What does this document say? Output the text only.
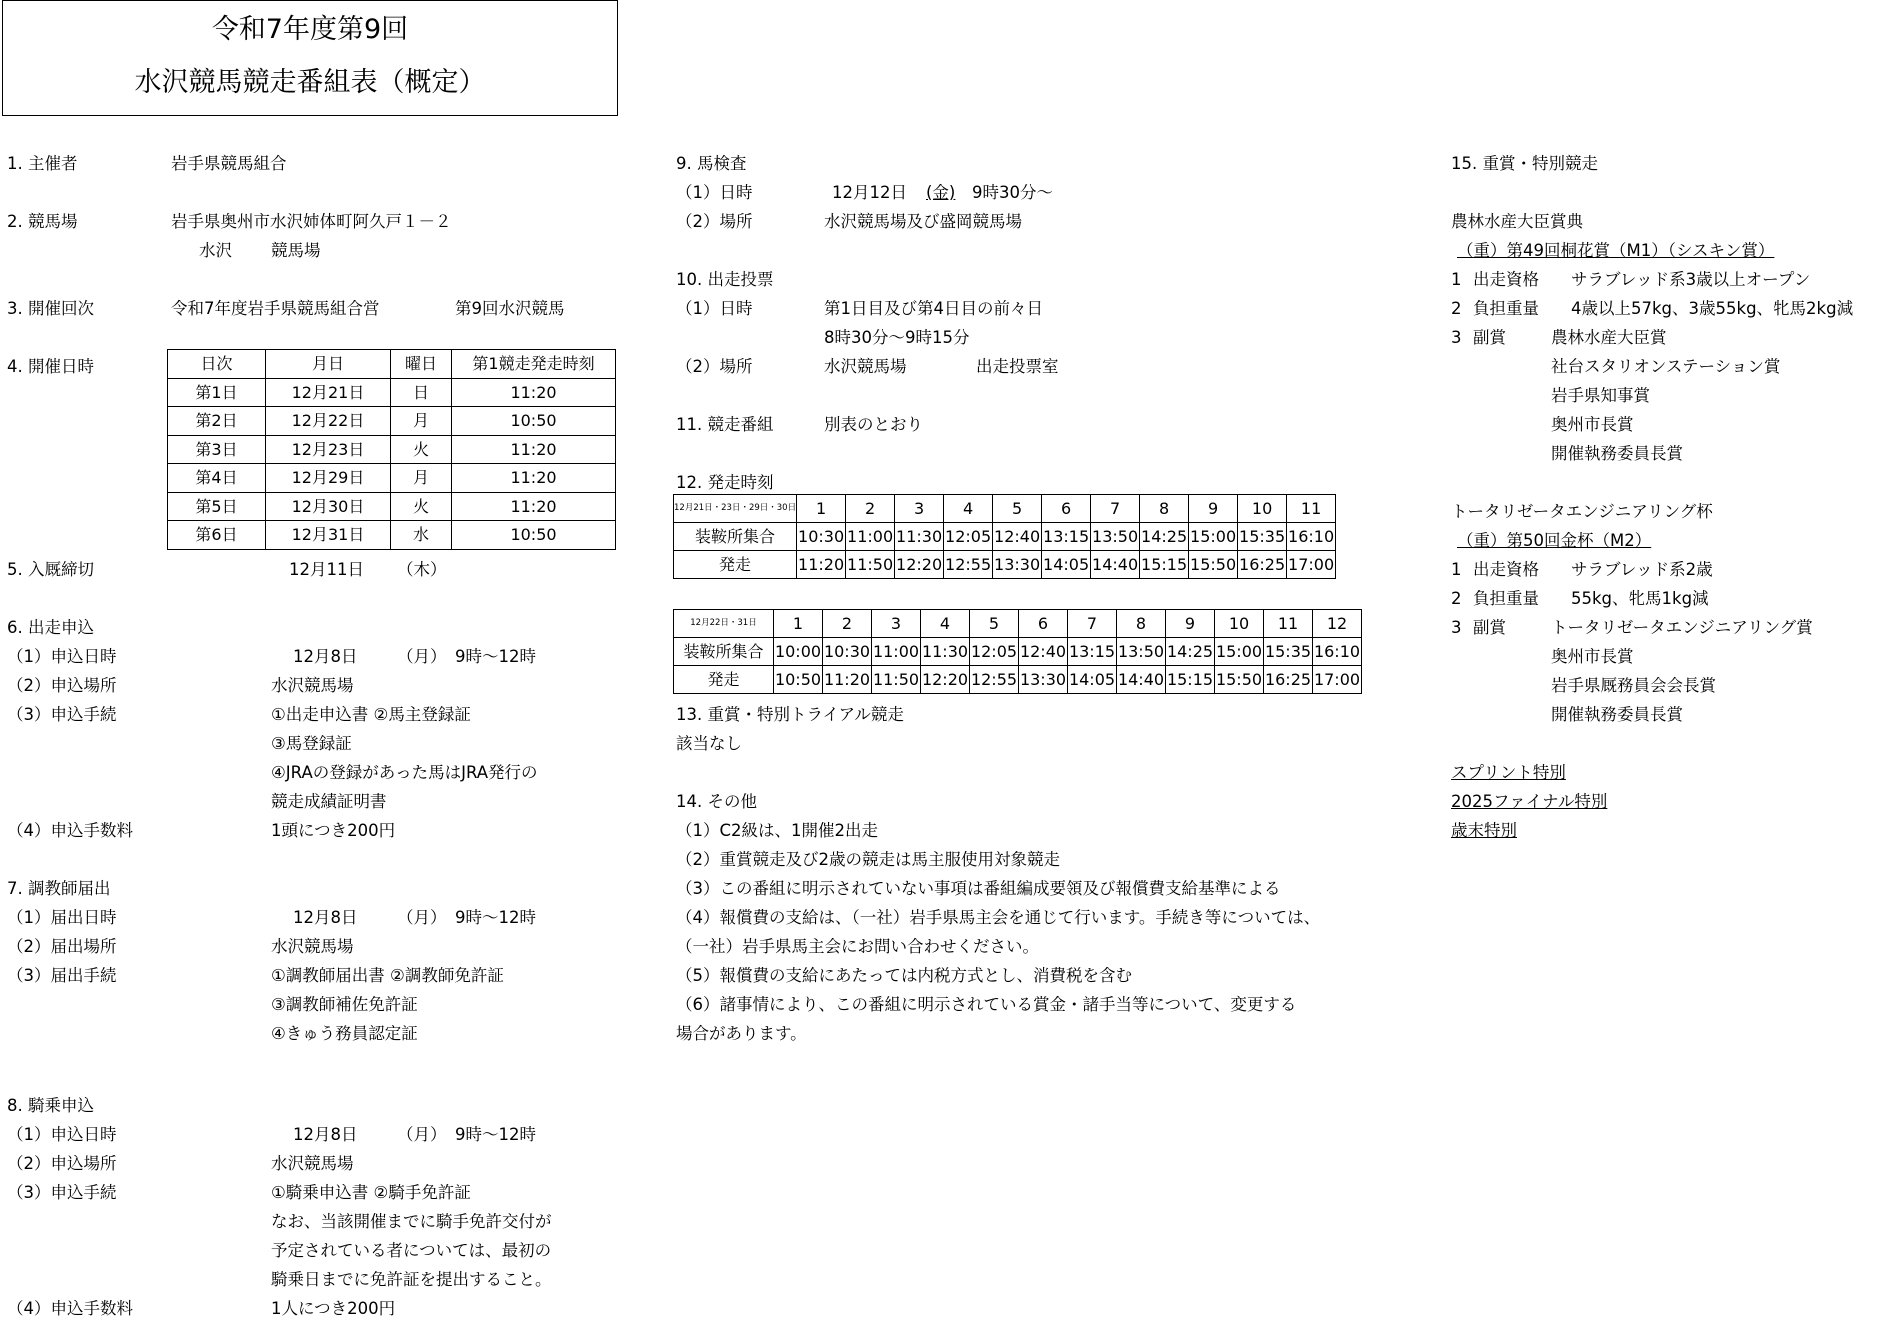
令和7年度第9回
水沢競馬競走番組表（概定）
1. 主催者	岩手県競馬組合
2. 競馬場	岩手県奥州市水沢姉体町阿久戸１－２
水沢 競馬場
3. 開催回次	令和7年度岩手県競馬組合営	第9回水沢競馬
4. 開催日時	日次	月日	曜日	第1競走発走時刻
第1日	12月21日	日	11:20
第2日	12月22日	月	10:50
第3日	12月23日	火	11:20
第4日	12月29日	月	11:20
第5日	12月30日	火	11:20
第6日	12月31日	水	10:50
5. 入厩締切	12月11日 （木）
6. 出走申込
（1）申込日時	12月8日 （月） 9時～12時
（2）申込場所	水沢競馬場
（3）申込手続	①出走申込書 ②馬主登録証
③馬登録証
④JRAの登録があった馬はJRA発行の
競走成績証明書
（4）申込手数料	1頭につき200円
7. 調教師届出
（1）届出日時	12月8日 （月） 9時～12時
（2）届出場所	水沢競馬場
（3）届出手続	①調教師届出書 ②調教師免許証
③調教師補佐免許証
④きゅう務員認定証
8. 騎乗申込
（1）申込日時	12月8日 （月） 9時～12時
（2）申込場所	水沢競馬場
（3）申込手続	①騎乗申込書 ②騎手免許証
なお、当該開催までに騎手免許交付が
予定されている者については、最初の
騎乗日までに免許証を提出すること。
（4）申込手数料	1人につき200円
9. 馬検査
（1）日時	12月12日 (金) 9時30分～
（2）場所	水沢競馬場及び盛岡競馬場
10. 出走投票
（1）日時	第1日目及び第4日目の前々日
8時30分～9時15分
（2）場所	水沢競馬場	出走投票室
11. 競走番組	別表のとおり
12. 発走時刻
12月21日・23日・29日・30日	1	2	3	4	5	6	7	8	9	10	11
装鞍所集合	10:30	11:00	11:30	12:05	12:40	13:15	13:50	14:25	15:00	15:35	16:10
発走	11:20	11:50	12:20	12:55	13:30	14:05	14:40	15:15	15:50	16:25	17:00
12月22日・31日	1	2	3	4	5	6	7	8	9	10	11	12
装鞍所集合	10:00	10:30	11:00	11:30	12:05	12:40	13:15	13:50	14:25	15:00	15:35	16:10
発走	10:50	11:20	11:50	12:20	12:55	13:30	14:05	14:40	15:15	15:50	16:25	17:00
13. 重賞・特別トライアル競走
該当なし
14. その他
（1）C2級は、1開催2出走
（2）重賞競走及び2歳の競走は馬主服使用対象競走
（3）この番組に明示されていない事項は番組編成要領及び報償費支給基準による
（4）報償費の支給は、（一社）岩手県馬主会を通じて行います。手続き等については、
（一社）岩手県馬主会にお問い合わせください。
（5）報償費の支給にあたっては内税方式とし、消費税を含む
（6）諸事情により、この番組に明示されている賞金・諸手当等について、変更する
場合があります。
15. 重賞・特別競走
農林水産大臣賞典
（重）第49回桐花賞（M1）（シスキン賞）
1 出走資格 サラブレッド系3歳以上オープン
2 負担重量 4歳以上57kg、3歳55kg、牝馬2kg減
3 副賞	農林水産大臣賞
社台スタリオンステーション賞
岩手県知事賞
奥州市長賞
開催執務委員長賞
トータリゼータエンジニアリング杯
（重）第50回金杯（M2）
1 出走資格 サラブレッド系2歳
2 負担重量 55kg、牝馬1kg減
3 副賞	トータリゼータエンジニアリング賞
奥州市長賞
岩手県厩務員会会長賞
開催執務委員長賞
スプリント特別
2025ファイナル特別
歳末特別
